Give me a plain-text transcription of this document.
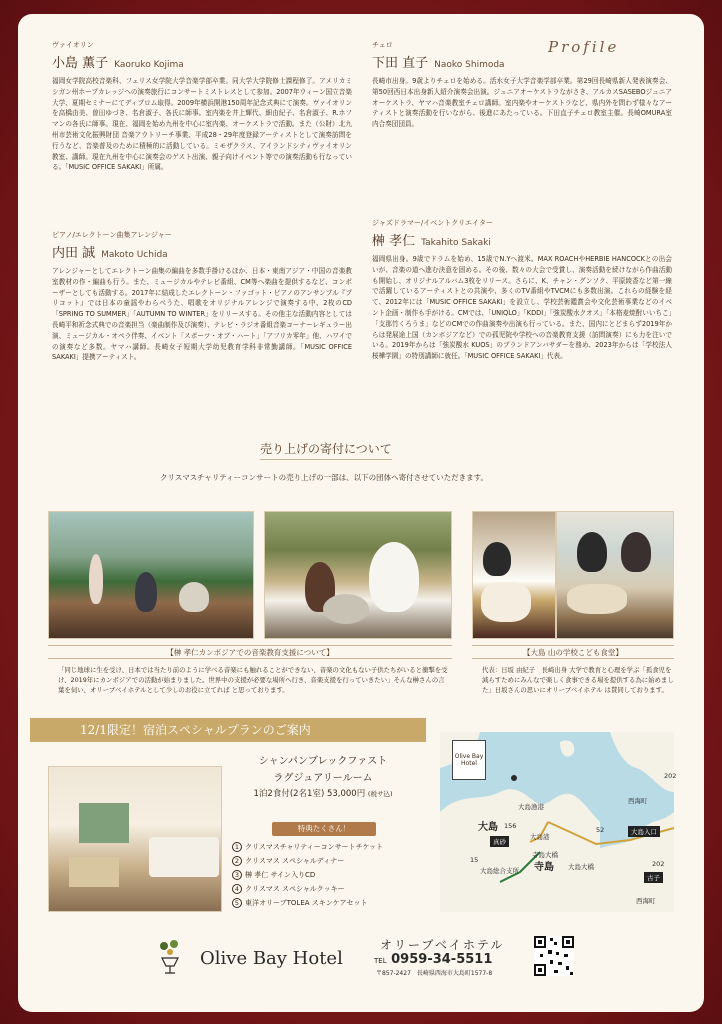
Profile
ヴァイオリン
小島 薫子 Kaoruko Kojima
福岡女学院高校音楽科、フェリス女学院大学音楽学部卒業。同大学大学院修士課程修了。アメリカミシガン州ホープカレッジへの演奏旅行にコンサートミストレスとして参加。2007年ウィーン国立音楽大学、夏期セミナーにてディプロム取得。2009年横浜開港150周年記念式典にて演奏。ヴァイオリンを高橋由美、曽田ゆづき、名倉淑子、各氏に師事。室内楽を井上輝代、細由紀子、名倉淑子、R.ホフマンの各氏に師事。現在、福岡を始め九州を中心に室内楽、オーケストラで活動。また（公財）北九州市芸術文化振興財団 音楽アウトリーチ事業、平成28・29年度登録アーティストとして演奏訪問を行うなど、音楽普及のために積極的に活動している。ミモザクラス、アイランドシティヴァイオリン教室、講師。現在九州を中心に演奏会のゲスト出演、親子向けイベント等での演奏活動も行なっている。「MUSIC OFFICE SAKAKI」所属。
チェロ
下田 直子 Naoko Shimoda
長崎市出身。9歳よりチェロを始める。活水女子大学音楽学部卒業。第29回長崎県新人発表演奏会、第50回西日本出身新人紹介演奏会出演。ジュニアオーケストラながさき、アルカスSASEBOジュニアオーケストラ、ヤマハ音楽教室チェロ講師。室内楽やオーケストラなど、県内外を問わず様々なアーティストと演奏活動を行いながら、後進にあたっている。下田直子チェロ教室主催。長崎OMURA室内合奏団団員。
ピアノ/エレクトーン曲集アレンジャー
内田 誠 Makoto Uchida
アレンジャーとしてエレクトーン曲集の編曲を多数手掛けるほか、日本・東南アジア・中国の音楽教室教材の作・編曲も行う。また、ミュージカルやテレビ番組、CM等へ楽曲を提供するなど、コンポーザーとしても活動する。2017年に結成したエレクトーン・ファゴット・ピアノのアンサンブル『プリコット』では日本の童謡やわらべうた、唱歌をオリジナルアレンジで演奏する中、2枚のCD「SPRING TO SUMMER」「AUTUMN TO WINTER」をリリースする。その他主な活動内容としては長崎平和祈念式典での音楽担当（楽曲制作及び演奏）、テレビ・ラジオ番組音楽コーナーレギュラー出演、ミュージカル・オペラ伴奏、イベント「スポーツ・オブ・ハート」「アフリカ零年」他、ハワイでの演奏など多数。ヤマハ講師。長崎女子短期大学幼児教育学科非常勤講師。「MUSIC OFFICE SAKAKI」提携アーティスト。
ジャズドラマー/イベントクリエイター
榊 孝仁 Takahito Sakaki
福岡県出身。9歳でドラムを始め、15歳でN.Yへ渡米。MAX ROACHやHERBIE HANCOCKとの出会いが、音楽の道へ進む決意を固める。その後、数々の大会で受賞し、演奏活動を続けながら作曲活動も開始し、オリジナルアルバム3枚をリリース。さらに、K、チャン・グンソク、平原綾香など第一線で活躍しているアーティストとの共演や、多くのTV番組やTVCMにも多数出演。これらの経験を経て、2012年には「MUSIC OFFICE SAKAKI」を設立し、学校芸術鑑賞会や文化芸術事業などのイベント企画・制作も手がける。CMでは、「UNIQLO」「KDDI」「強炭酸水クオス」「本格麦焼酎いいちこ」「支那竹くろうま」などのCMでの作曲演奏や出演も行っている。また、国内にとどまらず2019年からは発展途上国（カンボジアなど）での孤児院や学校への音楽教育支援（訪問演奏）にも力を注いでいる。2019年からは「強炭酸水 KUOS」のブランドアンバサダーを務め、2023年からは「学校法人桜樺学園」の特別講師に就任。「MUSIC OFFICE SAKAKI」代表。
売り上げの寄付について
クリスマスチャリティーコンサートの売り上げの一部は、以下の団体へ寄付させていただきます。
【榊 孝仁カンボジアでの音楽教育支援について】	【大島 山の学校こども食堂】
「同じ地球に生を受け、日本では当たり前のように学べる音楽にも触れることができない、音楽の文化もない子供たちがいると衝撃を受け、2019年にカンボジアでの活動が始まりました。世界中の支援が必要な場所へ行き、音楽支援を行っていきたい」そんな榊さんの言葉を伺い、オリーブベイホテルとして少しのお役に立てれば と思っております。
代表：日坂 由紀子　長崎出身 大学で教育と心理を学ぶ「孤食児を減らすためにみんなで楽しく食事できる場を提供する為に始めました」日坂さんの思いにオリーブベイホテル は賛同しております。
12/1限定！宿泊スペシャルプランのご案内
シャンパンブレックファスト
ラグジュアリールーム
1泊2食付(2名1室) 53,000円 (税サ込)
特典たくさん！
1 クリスマスチャリティーコンサートチケット
2 クリスマス スペシャルディナー
3 榊 孝仁 サイン入りCD
4 クリスマス スペシャルクッキー
5 東洋オリーブTOLEA スキンケアセット
Olive Bay Hotel
大島漁港
大島
大島港
真砂
寺島
寺島大橋
大島大橋
大島総合支所
西海町
大島入口
古子
西海町
15
202
52
156
202
Olive Bay Hotel
オリーブベイホテル
TEL 0959-34-5511
〒857-2427　長崎県西海市大島町1577-8
